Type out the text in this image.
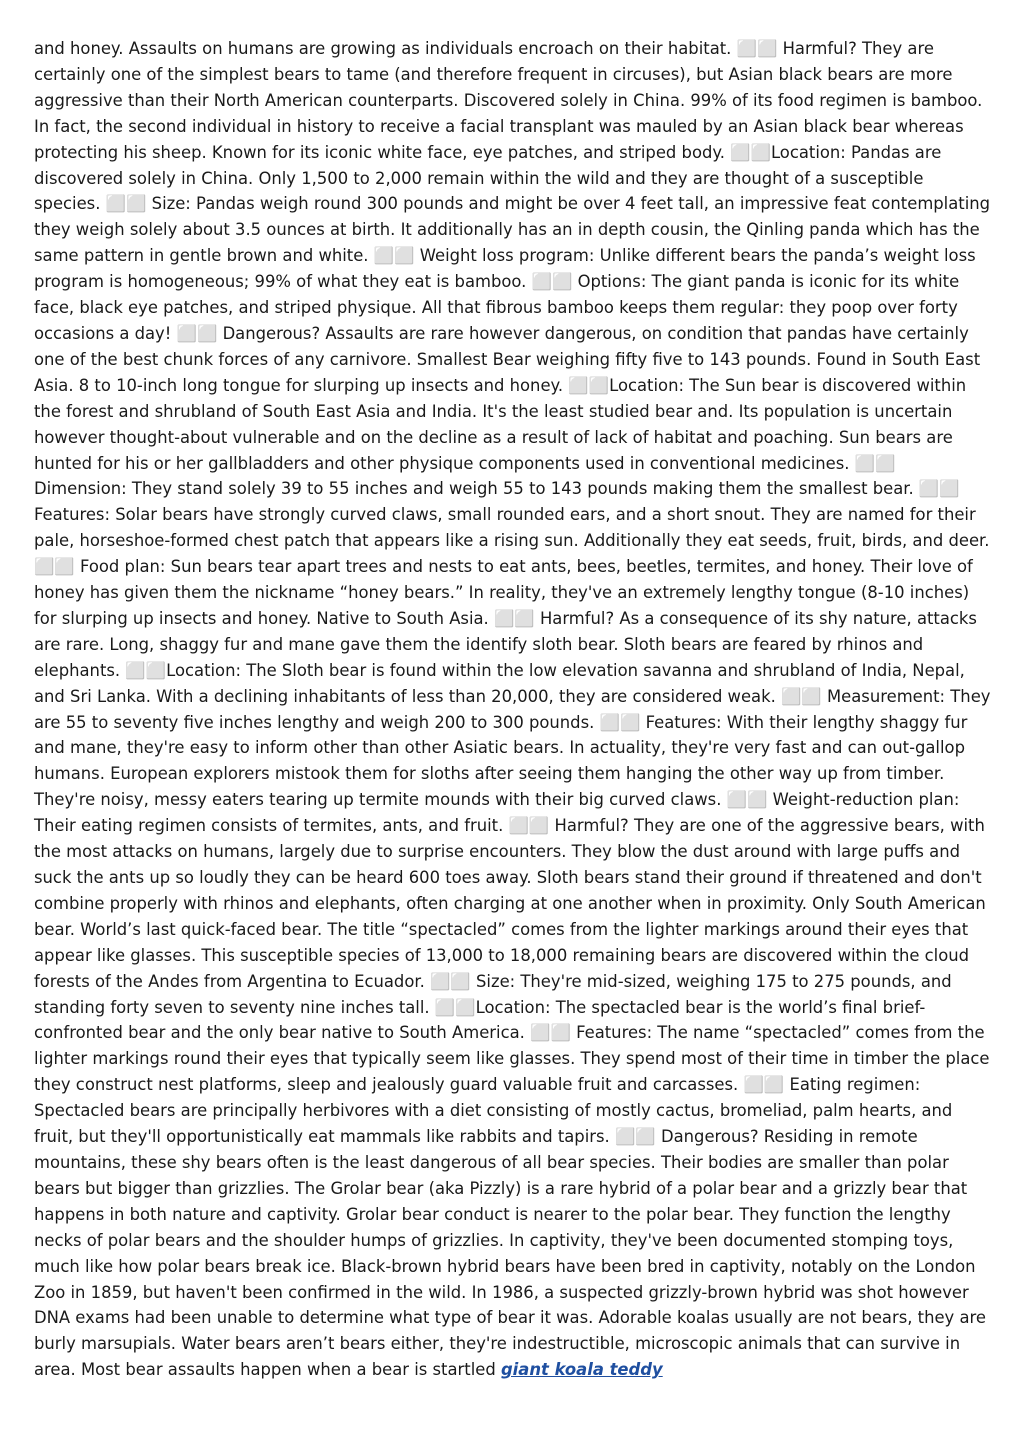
and honey. Assaults on humans are growing as individuals encroach on their habitat. ⬜⬜ Harmful? They are certainly one of the simplest bears to tame (and therefore frequent in circuses), but Asian black bears are more aggressive than their North American counterparts. Discovered solely in China. 99% of its food regimen is bamboo. In fact, the second individual in history to receive a facial transplant was mauled by an Asian black bear whereas protecting his sheep. Known for its iconic white face, eye patches, and striped body. ⬜⬜Location: Pandas are discovered solely in China. Only 1,500 to 2,000 remain within the wild and they are thought of a susceptible species. ⬜⬜ Size: Pandas weigh round 300 pounds and might be over 4 feet tall, an impressive feat contemplating they weigh solely about 3.5 ounces at birth. It additionally has an in depth cousin, the Qinling panda which has the same pattern in gentle brown and white. ⬜⬜ Weight loss program: Unlike different bears the panda’s weight loss program is homogeneous; 99% of what they eat is bamboo. ⬜⬜ Options: The giant panda is iconic for its white face, black eye patches, and striped physique. All that fibrous bamboo keeps them regular: they poop over forty occasions a day! ⬜⬜ Dangerous? Assaults are rare however dangerous, on condition that pandas have certainly one of the best chunk forces of any carnivore. Smallest Bear weighing fifty five to 143 pounds. Found in South East Asia. 8 to 10-inch long tongue for slurping up insects and honey. ⬜⬜Location: The Sun bear is discovered within the forest and shrubland of South East Asia and India. It's the least studied bear and. Its population is uncertain however thought-about vulnerable and on the decline as a result of lack of habitat and poaching. Sun bears are hunted for his or her gallbladders and other physique components used in conventional medicines. ⬜⬜ Dimension: They stand solely 39 to 55 inches and weigh 55 to 143 pounds making them the smallest bear. ⬜⬜ Features: Solar bears have strongly curved claws, small rounded ears, and a short snout. They are named for their pale, horseshoe-formed chest patch that appears like a rising sun. Additionally they eat seeds, fruit, birds, and deer. ⬜⬜ Food plan: Sun bears tear apart trees and nests to eat ants, bees, beetles, termites, and honey. Their love of honey has given them the nickname “honey bears.” In reality, they've an extremely lengthy tongue (8-10 inches) for slurping up insects and honey. Native to South Asia. ⬜⬜ Harmful? As a consequence of its shy nature, attacks are rare. Long, shaggy fur and mane gave them the identify sloth bear. Sloth bears are feared by rhinos and elephants. ⬜⬜Location: The Sloth bear is found within the low elevation savanna and shrubland of India, Nepal, and Sri Lanka. With a declining inhabitants of less than 20,000, they are considered weak. ⬜⬜ Measurement: They are 55 to seventy five inches lengthy and weigh 200 to 300 pounds. ⬜⬜ Features: With their lengthy shaggy fur and mane, they're easy to inform other than other Asiatic bears. In actuality, they're very fast and can out-gallop humans. European explorers mistook them for sloths after seeing them hanging the other way up from timber. They're noisy, messy eaters tearing up termite mounds with their big curved claws. ⬜⬜ Weight-reduction plan: Their eating regimen consists of termites, ants, and fruit. ⬜⬜ Harmful? They are one of the aggressive bears, with the most attacks on humans, largely due to surprise encounters. They blow the dust around with large puffs and suck the ants up so loudly they can be heard 600 toes away. Sloth bears stand their ground if threatened and don't combine properly with rhinos and elephants, often charging at one another when in proximity. Only South American bear. World’s last quick-faced bear. The title “spectacled” comes from the lighter markings around their eyes that appear like glasses. This susceptible species of 13,000 to 18,000 remaining bears are discovered within the cloud forests of the Andes from Argentina to Ecuador. ⬜⬜ Size: They're mid-sized, weighing 175 to 275 pounds, and standing forty seven to seventy nine inches tall. ⬜⬜Location: The spectacled bear is the world’s final brief-confronted bear and the only bear native to South America. ⬜⬜ Features: The name “spectacled” comes from the lighter markings round their eyes that typically seem like glasses. They spend most of their time in timber the place they construct nest platforms, sleep and jealously guard valuable fruit and carcasses. ⬜⬜ Eating regimen: Spectacled bears are principally herbivores with a diet consisting of mostly cactus, bromeliad, palm hearts, and fruit, but they'll opportunistically eat mammals like rabbits and tapirs. ⬜⬜ Dangerous? Residing in remote mountains, these shy bears often is the least dangerous of all bear species. Their bodies are smaller than polar bears but bigger than grizzlies. The Grolar bear (aka Pizzly) is a rare hybrid of a polar bear and a grizzly bear that happens in both nature and captivity. Grolar bear conduct is nearer to the polar bear. They function the lengthy necks of polar bears and the shoulder humps of grizzlies. In captivity, they've been documented stomping toys, much like how polar bears break ice. Black-brown hybrid bears have been bred in captivity, notably on the London Zoo in 1859, but haven't been confirmed in the wild. In 1986, a suspected grizzly-brown hybrid was shot however DNA exams had been unable to determine what type of bear it was. Adorable koalas usually are not bears, they are burly marsupials. Water bears aren’t bears either, they're indestructible, microscopic animals that can survive in area. Most bear assaults happen when a bear is startled giant koala teddy
